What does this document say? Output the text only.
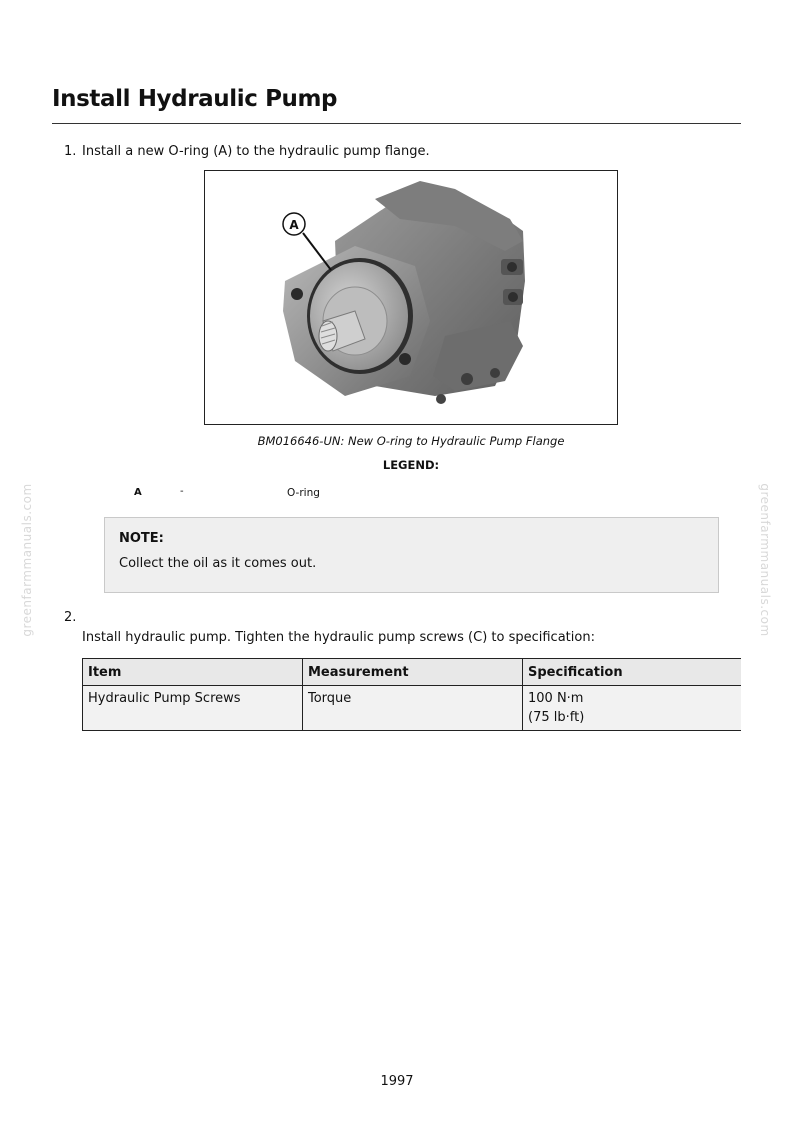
Install Hydraulic Pump
1. Install a new O-ring (A) to the hydraulic pump flange.
A
BM016646-UN: New O-ring to Hydraulic Pump Flange
LEGEND:
A	-	O-ring
NOTE:
Collect the oil as it comes out.
2.
Install hydraulic pump. Tighten the hydraulic pump screws (C) to specification:
Item	Measurement	Specification
Hydraulic Pump Screws	Torque	100 N·m
(75 lb·ft)
greenfarmmanuals.com	greenfarmmanuals.com
1997
